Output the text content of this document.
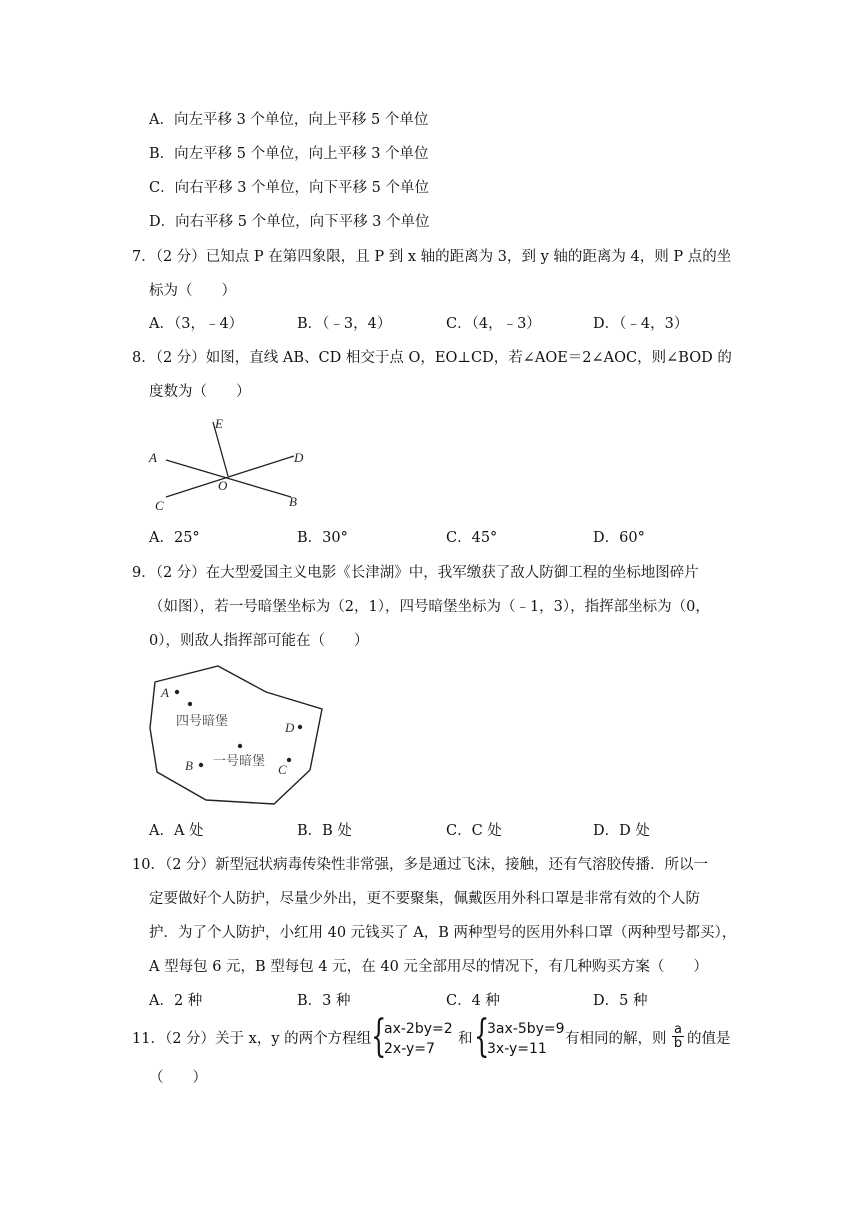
A．向左平移 3 个单位，向上平移 5 个单位
B．向左平移 5 个单位，向上平移 3 个单位
C．向右平移 3 个单位，向下平移 5 个单位
D．向右平移 5 个单位，向下平移 3 个单位
7．（2 分）已知点 P 在第四象限，且 P 到 x 轴的距离为 3，到 y 轴的距离为 4，则 P 点的坐
标为（　　）
A．（3，﹣4）	B．（﹣3，4）	C．（4，﹣3）	D．（﹣4，3）
8．（2 分）如图，直线 AB、CD 相交于点 O，EO⊥CD，若∠AOE＝2∠AOC，则∠BOD 的
度数为（　　）
E
A	D
O
C	B
A．25°	B．30°	C．45°	D．60°
9．（2 分）在大型爱国主义电影《长津湖》中，我军缴获了敌人防御工程的坐标地图碎片
（如图），若一号暗堡坐标为（2，1），四号暗堡坐标为（﹣1，3），指挥部坐标为（0，
0），则敌人指挥部可能在（　　）
A
四号暗堡	D
B 一号暗堡
C
A．A 处	B．B 处	C．C 处	D．D 处
10．（2 分）新型冠状病毒传染性非常强，多是通过飞沫，接触，还有气溶胶传播．所以一
定要做好个人防护，尽量少外出，更不要聚集，佩戴医用外科口罩是非常有效的个人防
护．为了个人防护，小红用 40 元钱买了 A，B 两种型号的医用外科口罩（两种型号都买），
A 型每包 6 元，B 型每包 4 元，在 40 元全部用尽的情况下，有几种购买方案（　　）
A．2 种	B．3 种	C．4 种	D．5 种
11．（2 分）关于 x，y 的两个方程组 {
ax-2by=2
2x-y=7
和 {
3ax-5by=9
3x-y=11
有相同的解，则 $\frac{a}{b}$ 的值是
（　　）
